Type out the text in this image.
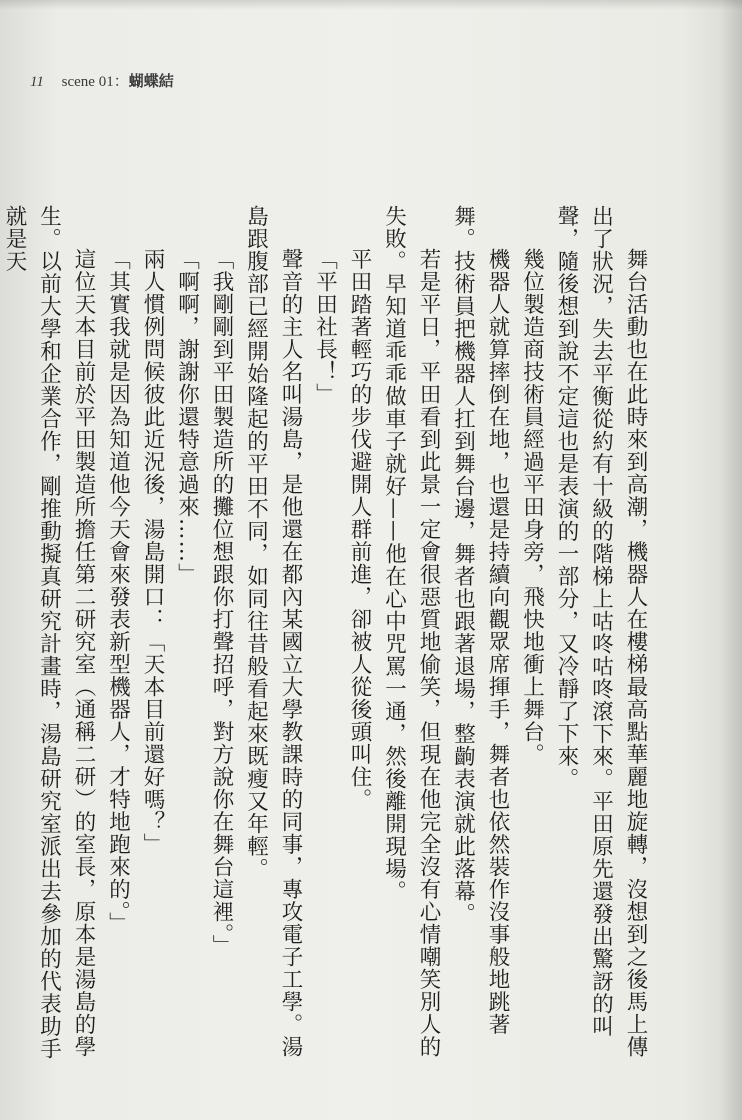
11 scene 01：蝴蝶結

舞台活動也在此時來到高潮，機器人在樓梯最高點華麗地旋轉，沒想到之後馬上傳出了狀況，失去平衡從約有十級的階梯上咕咚咕咚滾下來。平田原先還發出驚訝的叫聲，隨後想到說不定這也是表演的一部分，又冷靜了下來。

幾位製造商技術員經過平田身旁，飛快地衝上舞台。

機器人就算摔倒在地，也還是持續向觀眾席揮手，舞者也依然裝作沒事般地跳著舞。技術員把機器人扛到舞台邊，舞者也跟著退場，整齣表演就此落幕。

若是平日，平田看到此景一定會很惡質地偷笑，但現在他完全沒有心情嘲笑別人的失敗。早知道乖乖做車子就好——他在心中咒罵一通，然後離開現場。

平田踏著輕巧的步伐避開人群前進，卻被人從後頭叫住。

「平田社長！」

聲音的主人名叫湯島，是他還在都內某國立大學教課時的同事，專攻電子工學。湯島跟腹部已經開始隆起的平田不同，如同往昔般看起來既瘦又年輕。

「我剛剛到平田製造所的攤位想跟你打聲招呼，對方說你在舞台這裡。」

「啊啊，謝謝你還特意過來……」

兩人慣例問候彼此近況後，湯島開口：「天本目前還好嗎？」

「其實我就是因為知道他今天會來發表新型機器人，才特地跑來的。」

這位天本目前於平田製造所擔任第二研究室（通稱二研）的室長，原本是湯島的學生。以前大學和企業合作，剛推動擬真研究計畫時，湯島研究室派出去參加的代表助手就是天
